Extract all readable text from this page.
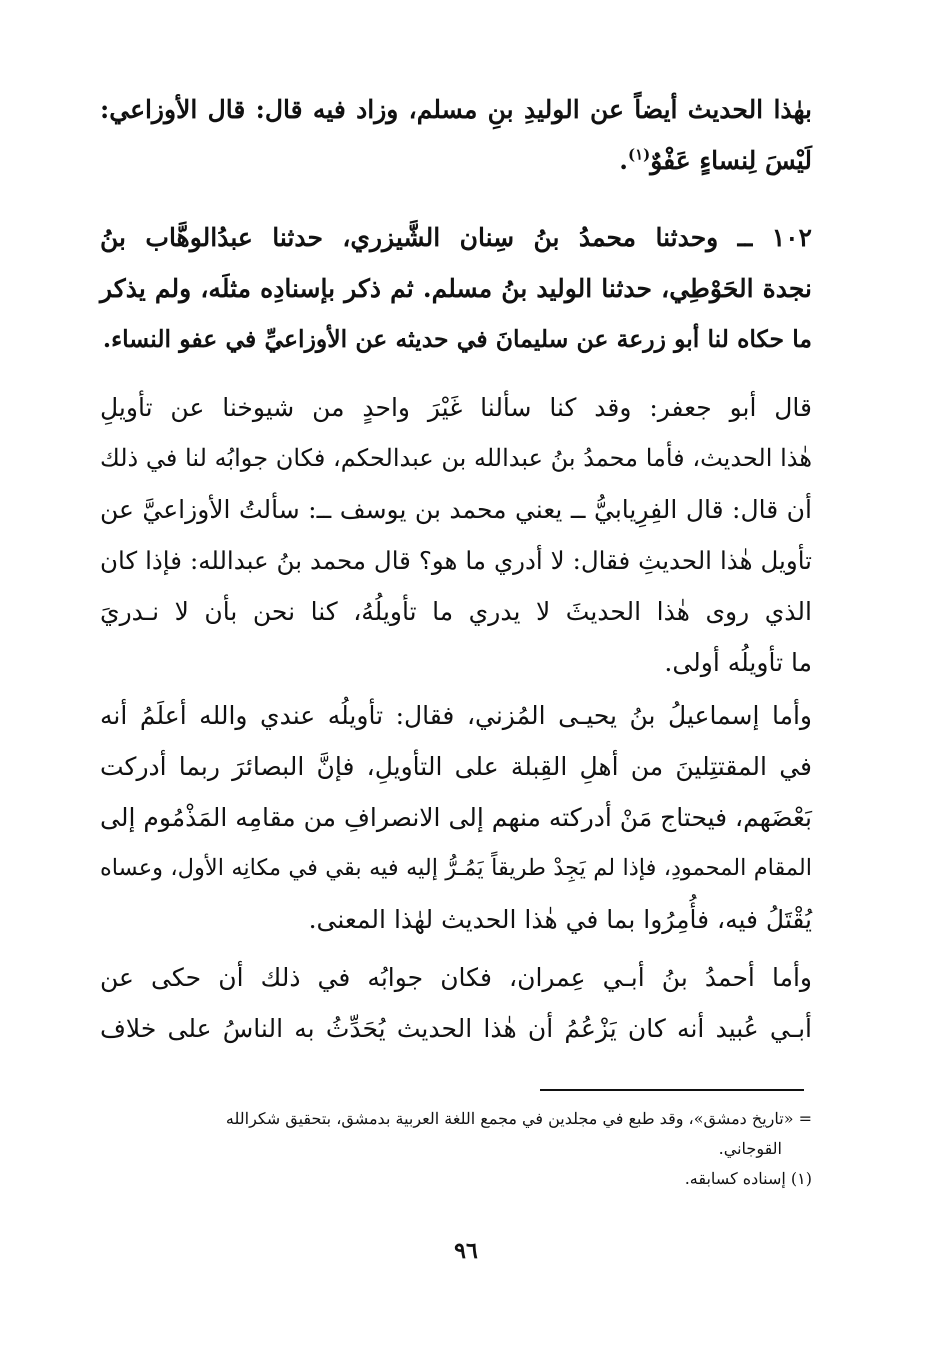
بهٰذا الحديث أيضاً عن الوليدِ بنِ مسلم، وزاد فيه قال: قال الأوزاعي:
لَيْسَ لِنساءٍ عَفْوٌ$^{(١)}$.
١٠٢ ــ وحدثنا محمدُ بنُ سِنان الشَّيزري، حدثنا عبدُالوهَّاب بنُ
نجدة الحَوْطِي، حدثنا الوليد بنُ مسلم. ثم ذكر بإسنادِه مثلَه، ولم يذكر
ما حكاه لنا أبو زرعة عن سليمانَ في حديثه عن الأوزاعيِّ في عفو النساء.
قال أبو جعفر: وقد كنا سألنا غَيْرَ واحدٍ من شيوخنا عن تأويلِ
هٰذا الحديث، فأما محمدُ بنُ عبدالله بن عبدالحكم، فكان جوابُه لنا في ذلك
أن قال: قال الفِرِيابيُّ ــ يعني محمد بن يوسف ــ: سألتُ الأوزاعيَّ عن
تأويل هٰذا الحديثِ فقال: لا أدري ما هو؟ قال محمد بنُ عبدالله: فإذا كان
الذي روى هٰذا الحديثَ لا يدري ما تأويلُهُ، كنا نحن بأن لا نـدريَ
ما تأويلُه أولى.
وأما إسماعيلُ بنُ يحيـى المُزني، فقال: تأويلُه عندي والله أعلَمُ أنه
في المقتتِلينَ من أهلِ القِبلة على التأويلِ، فإنَّ البصائرَ ربما أدركت
بَعْضَهم، فيحتاج مَنْ أدركته منهم إلى الانصرافِ من مقامِه المَذْمُوم إلى
المقام المحمودِ، فإذا لم يَجِدْ طريقاً يَمُـرُّ إليه فيه بقي في مكانِه الأول، وعساه
يُقْتَلُ فيه، فأُمِرُوا بما في هٰذا الحديث لهٰذا المعنى.
وأما أحمدُ بنُ أبـي عِمران، فكان جوابُه في ذلك أن حكى عن
أبـي عُبيد أنه كان يَزْعُمُ أن هٰذا الحديث يُحَدِّثُ به الناسُ على خلاف
= «تاريخ دمشق»، وقد طبع في مجلدين في مجمع اللغة العربية بدمشق، بتحقيق شكرالله
القوجاني.
(١) إسناده كسابقه.
٩٦
